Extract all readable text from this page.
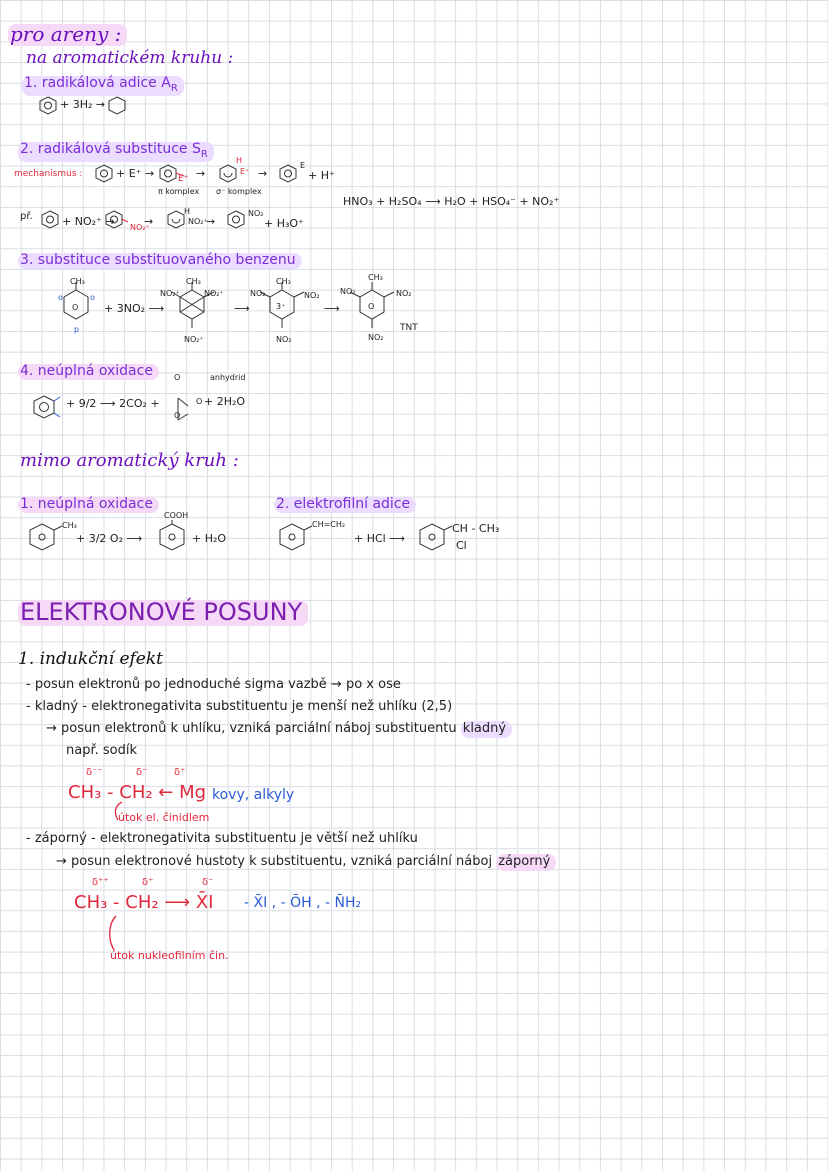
pro areny :
na aromatickém kruhu :
1. radikálová adice $A_R$
+ 3H₂ →
2. radikálová substituce $S_R$
mechanismus :	+ E⁺ →	E⁺ →
H
E⁺ →
E
+ H⁺
π komplex σ⁻ komplex
HNO₃ + H₂SO₄ ⟶ H₂O + HSO₄⁻ + NO₂⁺
př.	+ NO₂⁺ → NO₂⁺
→
H
NO₂⁺
→
NO₂
+ H₃O⁺
3. substituce substituovaného benzenu
CH₃
O
o	o
p
+ 3NO₂ ⟶
CH₃
NO₂⁺	NO₂⁺
NO₂⁺
⟶
CH₃
NO₂	NO₂
3⁺
NO₂
⟶
CH₃
NO₂	NO₂
O
NO₂
TNT
4. neúplná oxidace
+ 9/2 ⟶ 2CO₂ +
anhydrid
O
O
O
+ 2H₂O
mimo aromatický kruh :
1. neúplná oxidace	2. elektrofilní adice
CH₃
+ 3/2 O₂ ⟶
COOH
+ H₂O
CH=CH₂
+ HCl ⟶
CH - CH₃
Cl
ELEKTRONOVÉ POSUNY
1. indukční efekt
- posun elektronů po jednoduché sigma vazbě → po x ose
- kladný - elektronegativita substituentu je menší než uhlíku (2,5)
→ posun elektronů k uhlíku, vzniká parciální náboj substituentu kladný
např. sodík
δ⁻⁻	δ⁻	δ⁺
CH₃ - CH₂ ← Mg kovy, alkyly
útok el. činidlem
- záporný - elektronegativita substituentu je větší než uhlíku
→ posun elektronové hustoty k substituentu, vzniká parciální náboj záporný
δ⁺⁺	δ⁺	δ⁻
CH₃ - CH₂ ⟶ X̄I - X̄I , - ŌH , - N̄H₂
útok nukleofilním čin.
